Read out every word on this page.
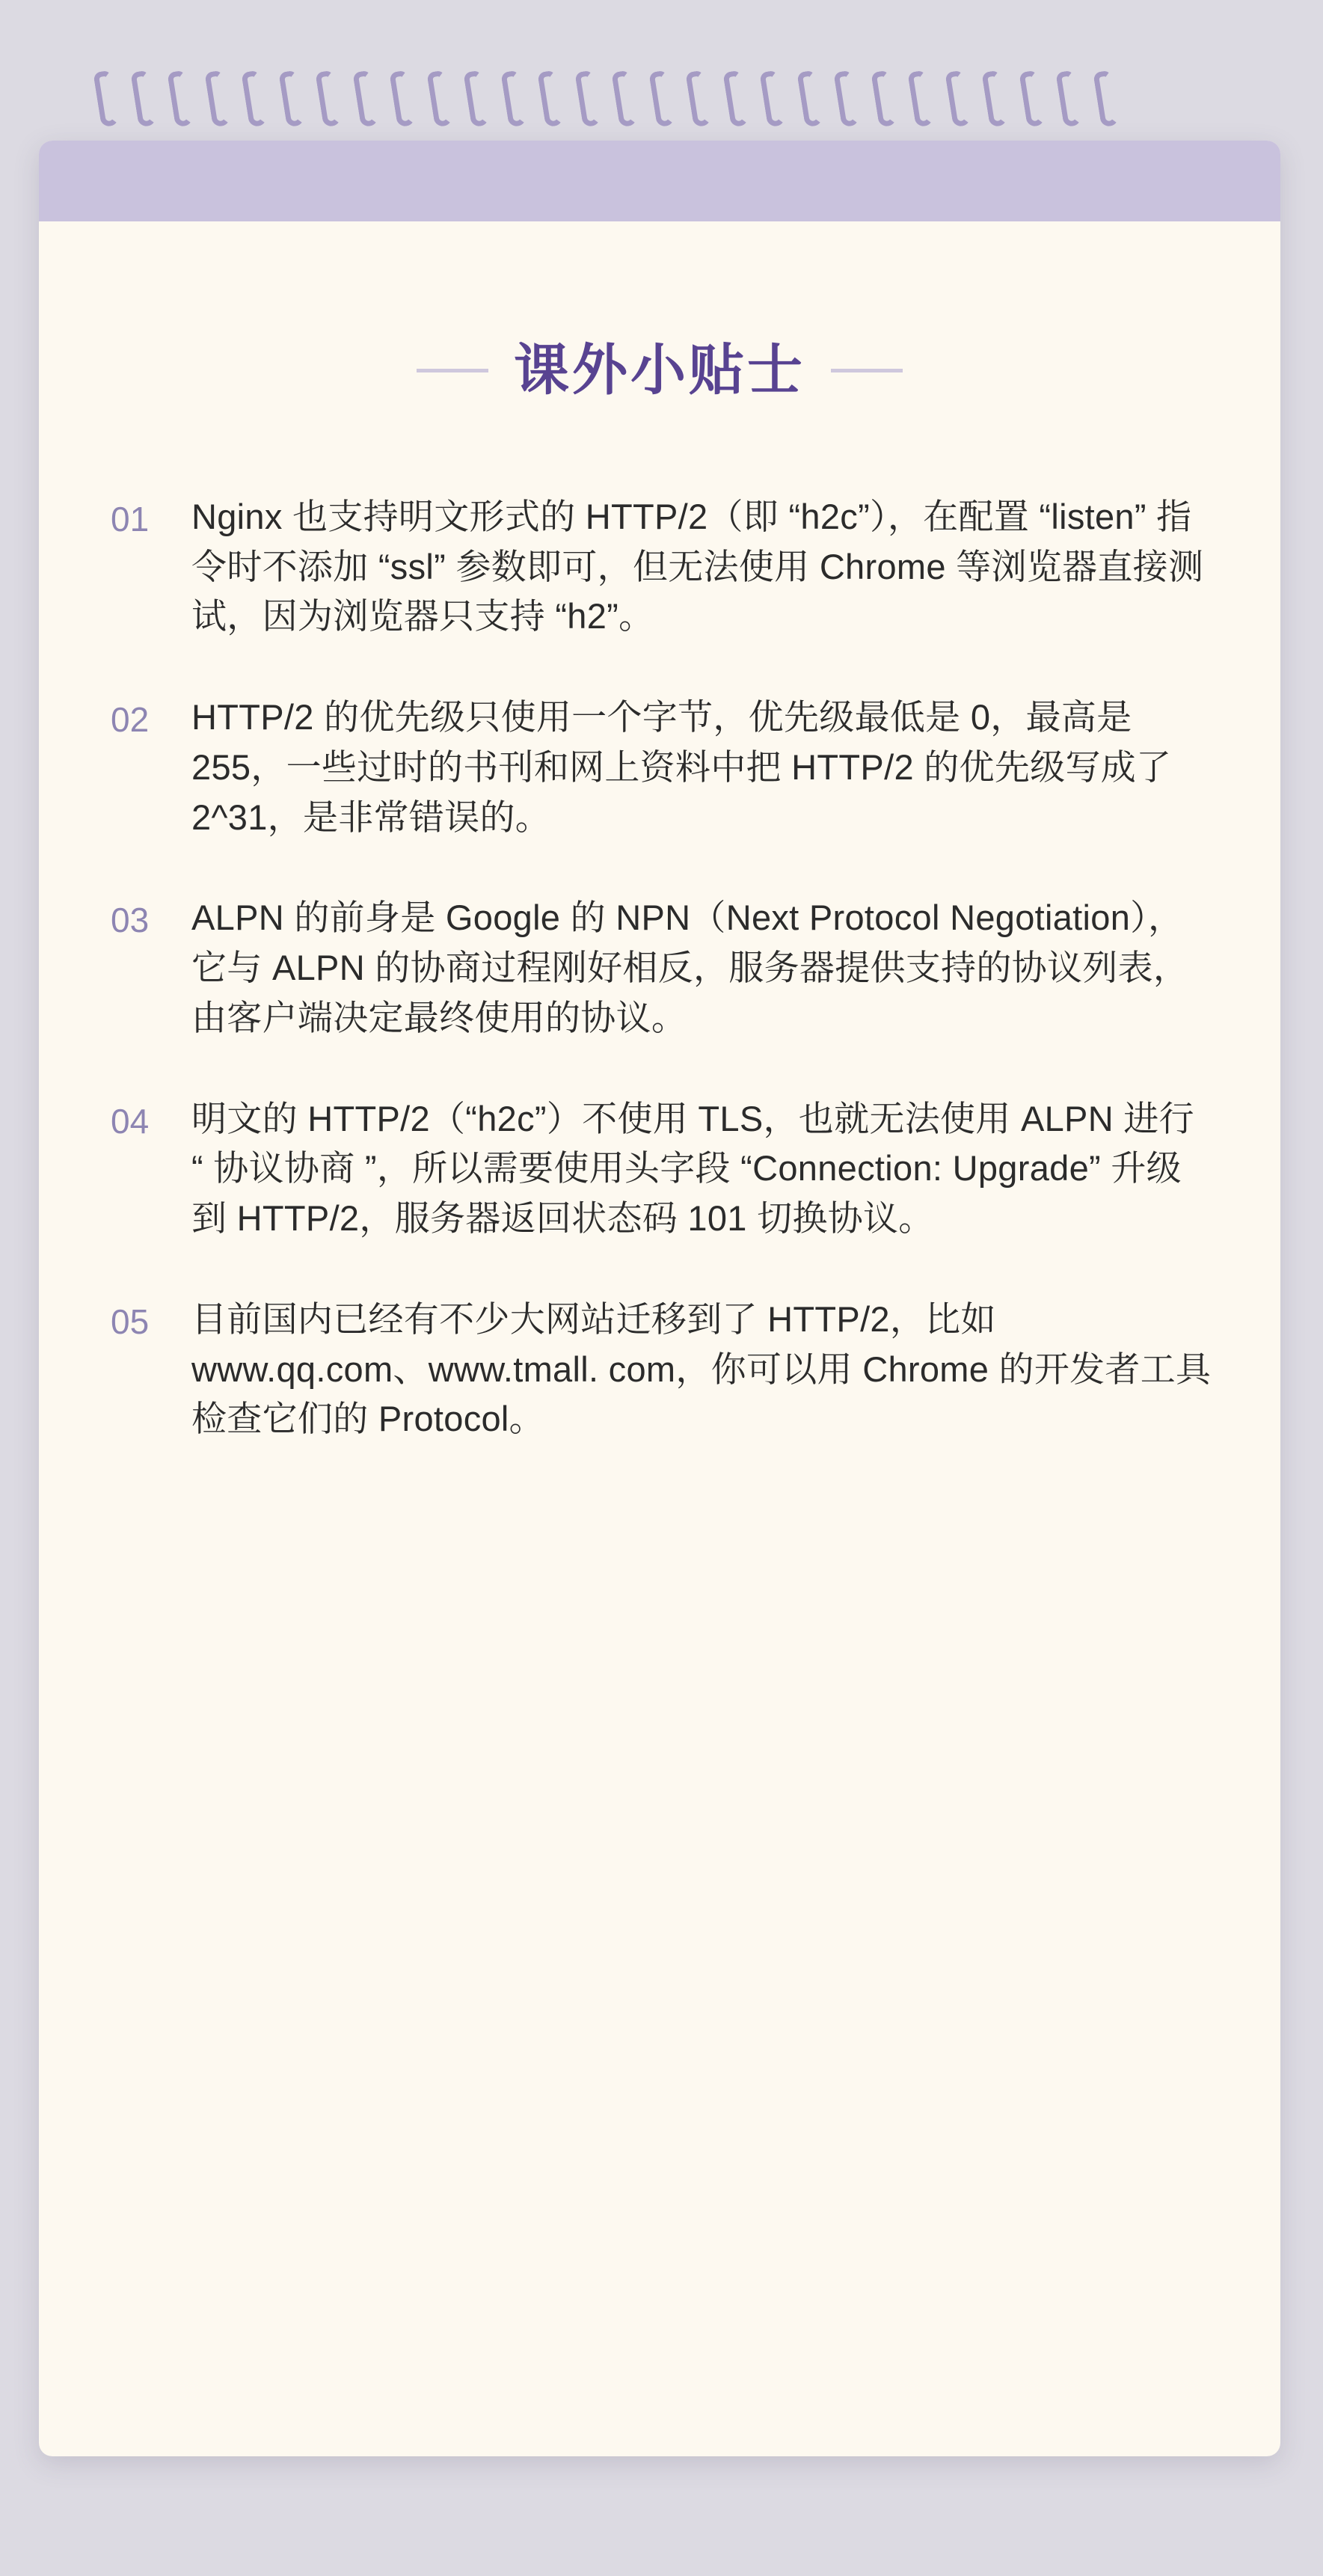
课外小贴士
01	Nginx 也支持明文形式的 HTTP/2（即 “h2c”），在配置 “listen” 指令时不添加 “ssl” 参数即可，但无法使用 Chrome 等浏览器直接测试，因为浏览器只支持 “h2”。
02	HTTP/2 的优先级只使用一个字节，优先级最低是 0，最高是 255，一些过时的书刊和网上资料中把 HTTP/2 的优先级写成了 2^31，是非常错误的。
03	ALPN 的前身是 Google 的 NPN（Next Protocol Negotiation），它与 ALPN 的协商过程刚好相反，服务器提供支持的协议列表，由客户端决定最终使用的协议。
04	明文的 HTTP/2（“h2c”）不使用 TLS，也就无法使用 ALPN 进行 “ 协议协商 ”，所以需要使用头字段 “Connection: Upgrade” 升级到 HTTP/2，服务器返回状态码 101 切换协议。
05	目前国内已经有不少大网站迁移到了 HTTP/2，比如 www.qq.com、www.tmall. com，你可以用 Chrome 的开发者工具检查它们的 Protocol。
